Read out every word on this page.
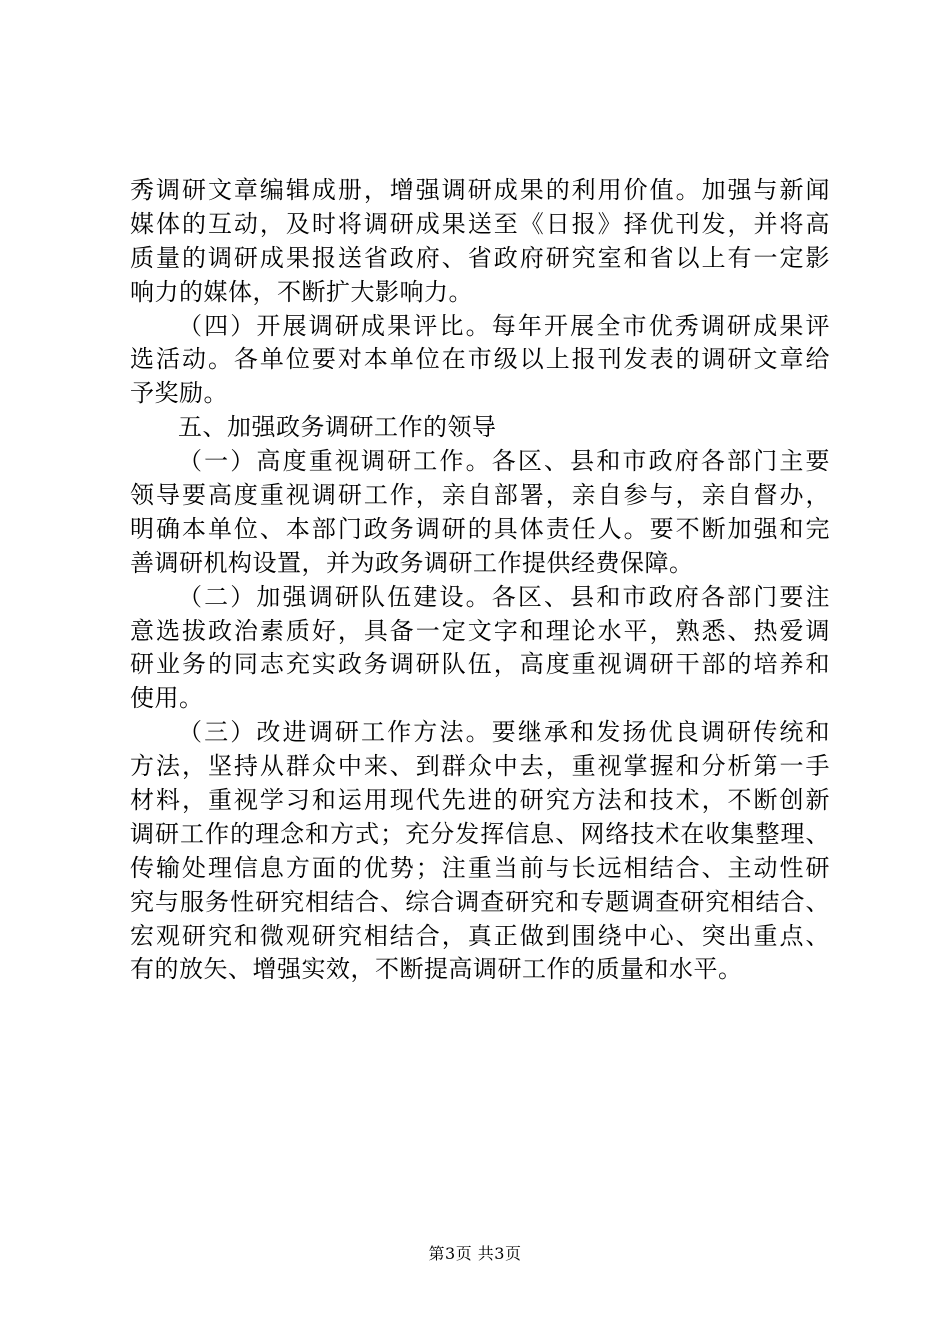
秀调研文章编辑成册，增强调研成果的利用价值。加强与新闻
媒体的互动，及时将调研成果送至《日报》择优刊发，并将高
质量的调研成果报送省政府、省政府研究室和省以上有一定影
响力的媒体，不断扩大影响力。
（四）开展调研成果评比。每年开展全市优秀调研成果评
选活动。各单位要对本单位在市级以上报刊发表的调研文章给
予奖励。
五、加强政务调研工作的领导
（一）高度重视调研工作。各区、县和市政府各部门主要
领导要高度重视调研工作，亲自部署，亲自参与，亲自督办，
明确本单位、本部门政务调研的具体责任人。要不断加强和完
善调研机构设置，并为政务调研工作提供经费保障。
（二）加强调研队伍建设。各区、县和市政府各部门要注
意选拔政治素质好，具备一定文字和理论水平，熟悉、热爱调
研业务的同志充实政务调研队伍，高度重视调研干部的培养和
使用。
（三）改进调研工作方法。要继承和发扬优良调研传统和
方法，坚持从群众中来、到群众中去，重视掌握和分析第一手
材料，重视学习和运用现代先进的研究方法和技术，不断创新
调研工作的理念和方式；充分发挥信息、网络技术在收集整理、
传输处理信息方面的优势；注重当前与长远相结合、主动性研
究与服务性研究相结合、综合调查研究和专题调查研究相结合、
宏观研究和微观研究相结合，真正做到围绕中心、突出重点、
有的放矢、增强实效，不断提高调研工作的质量和水平。
第3页 共3页
